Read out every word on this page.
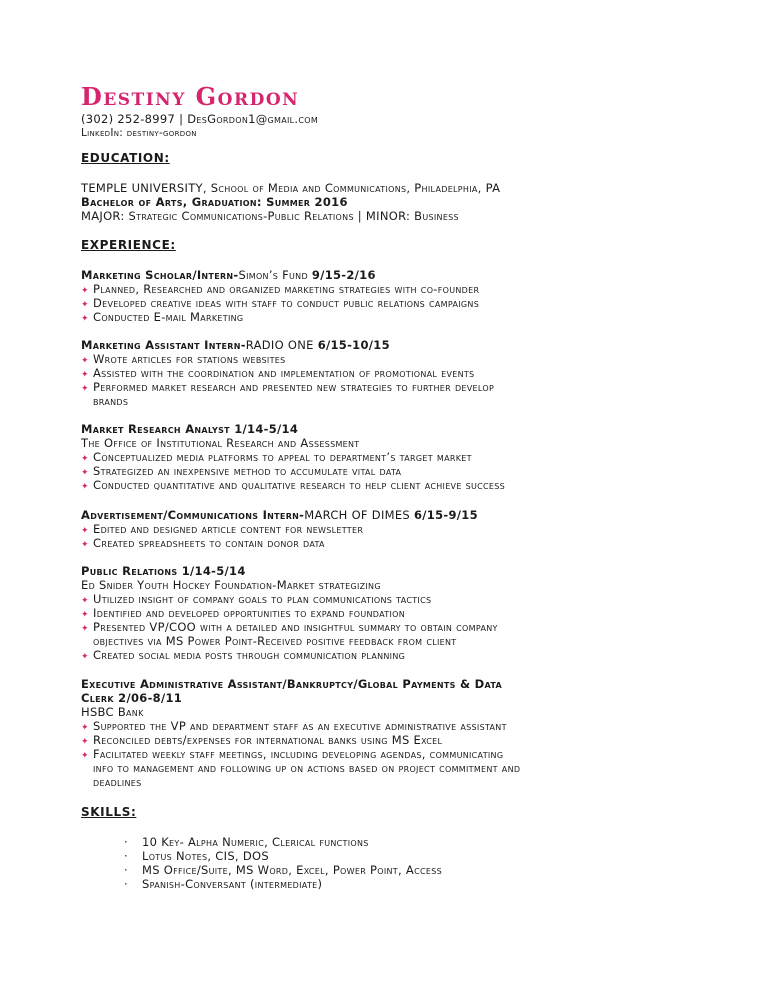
Destiny Gordon
(302) 252-8997 | DesGordon1@gmail.com
LinkedIn: destiny-gordon
EDUCATION:
TEMPLE UNIVERSITY, School of Media and Communications, Philadelphia, PA
Bachelor of Arts, Graduation: Summer 2016
MAJOR: Strategic Communications-Public Relations | MINOR: Business
EXPERIENCE:
Marketing Scholar/Intern-Simon’s Fund 9/15-2/16
✦ Planned, Researched and organized marketing strategies with co-founder
✦ Developed creative ideas with staff to conduct public relations campaigns
✦ Conducted E-mail Marketing
Marketing Assistant Intern-RADIO ONE 6/15-10/15
✦ Wrote articles for stations websites
✦ Assisted with the coordination and implementation of promotional events
✦ Performed market research and presented new strategies to further develop
brands
Market Research Analyst 1/14-5/14
The Office of Institutional Research and Assessment
✦ Conceptualized media platforms to appeal to department’s target market
✦ Strategized an inexpensive method to accumulate vital data
✦ Conducted quantitative and qualitative research to help client achieve success
Advertisement/Communications Intern-MARCH OF DIMES 6/15-9/15
✦ Edited and designed article content for newsletter
✦ Created spreadsheets to contain donor data
Public Relations 1/14-5/14
Ed Snider Youth Hockey Foundation-Market strategizing
✦ Utilized insight of company goals to plan communications tactics
✦ Identified and developed opportunities to expand foundation
✦ Presented VP/COO with a detailed and insightful summary to obtain company
objectives via MS Power Point-Received positive feedback from client
✦ Created social media posts through communication planning
Executive Administrative Assistant/Bankruptcy/Global Payments & Data
Clerk 2/06-8/11
HSBC Bank
✦ Supported the VP and department staff as an executive administrative assistant
✦ Reconciled debts/expenses for international banks using MS Excel
✦ Facilitated weekly staff meetings, including developing agendas, communicating
info to management and following up on actions based on project commitment and
deadlines
SKILLS:
· 10 Key- Alpha Numeric, Clerical functions
· Lotus Notes, CIS, DOS
· MS Office/Suite, MS Word, Excel, Power Point, Access
· Spanish-Conversant (intermediate)
